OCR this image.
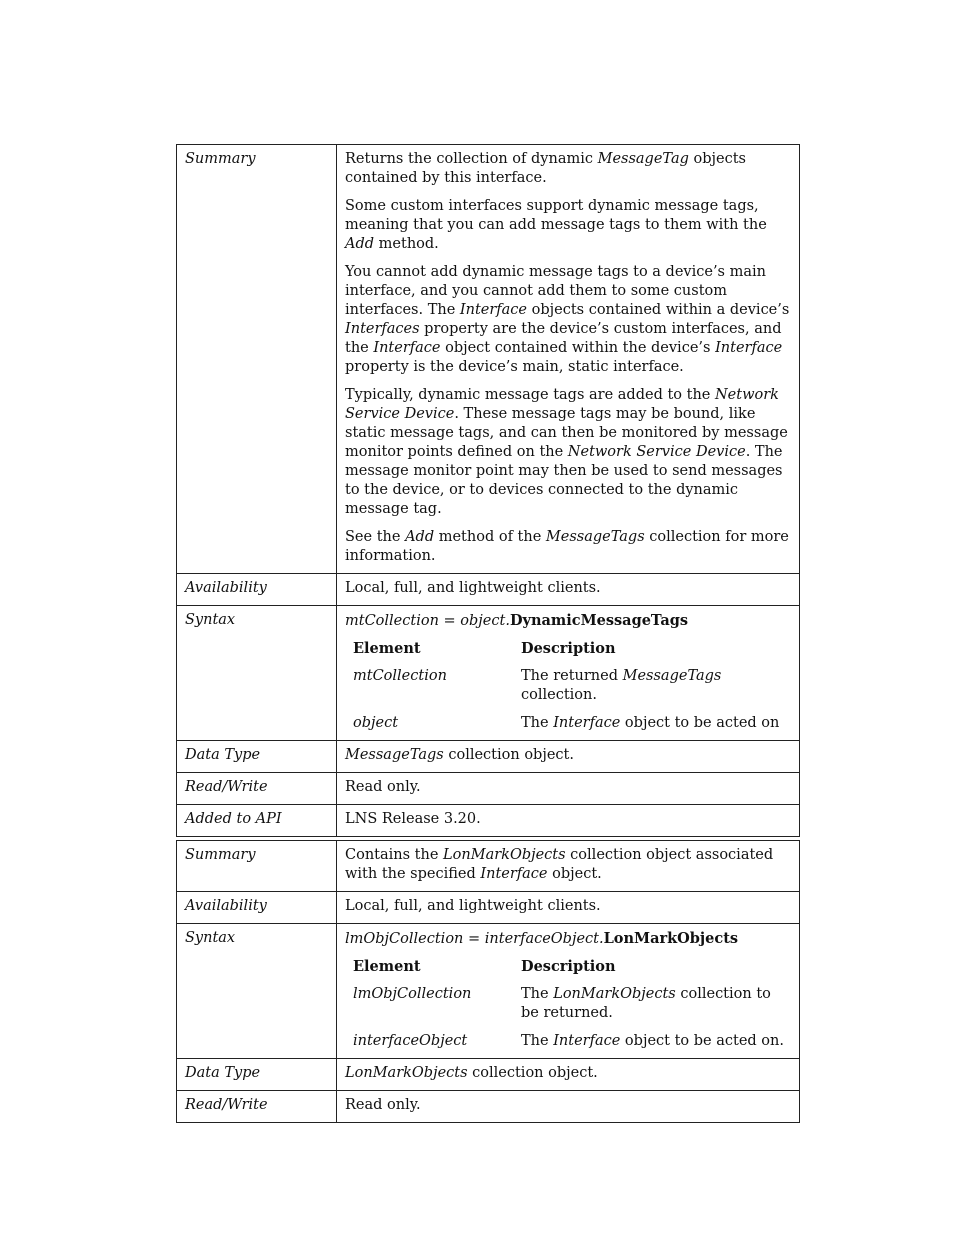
Summary	Returns the collection of dynamic MessageTag objects contained by this interface.

Some custom interfaces support dynamic message tags, meaning that you can add message tags to them with the Add method.

You cannot add dynamic message tags to a device’s main interface, and you cannot add them to some custom interfaces. The Interface objects contained within a device’s Interfaces property are the device’s custom interfaces, and the Interface object contained within the device’s Interface property is the device’s main, static interface.

Typically, dynamic message tags are added to the Network Service Device. These message tags may be bound, like static message tags, and can then be monitored by message monitor points defined on the Network Service Device. The message monitor point may then be used to send messages to the device, or to devices connected to the dynamic message tag.

See the Add method of the MessageTags collection for more information.

Availability	Local, full, and lightweight clients.
Syntax	mtCollection = object.DynamicMessageTags
Element	Description
mtCollection	The returned MessageTags collection.
object	The Interface object to be acted on

Data Type	MessageTags collection object.
Read/Write	Read only.
Added to API	LNS Release 3.20.
Summary	Contains the LonMarkObjects collection object associated with the specified Interface object.
Availability	Local, full, and lightweight clients.
Syntax	lmObjCollection = interfaceObject.LonMarkObjects
Element	Description
lmObjCollection	The LonMarkObjects collection to be returned.
interfaceObject	The Interface object to be acted on.

Data Type	LonMarkObjects collection object.
Read/Write	Read only.
